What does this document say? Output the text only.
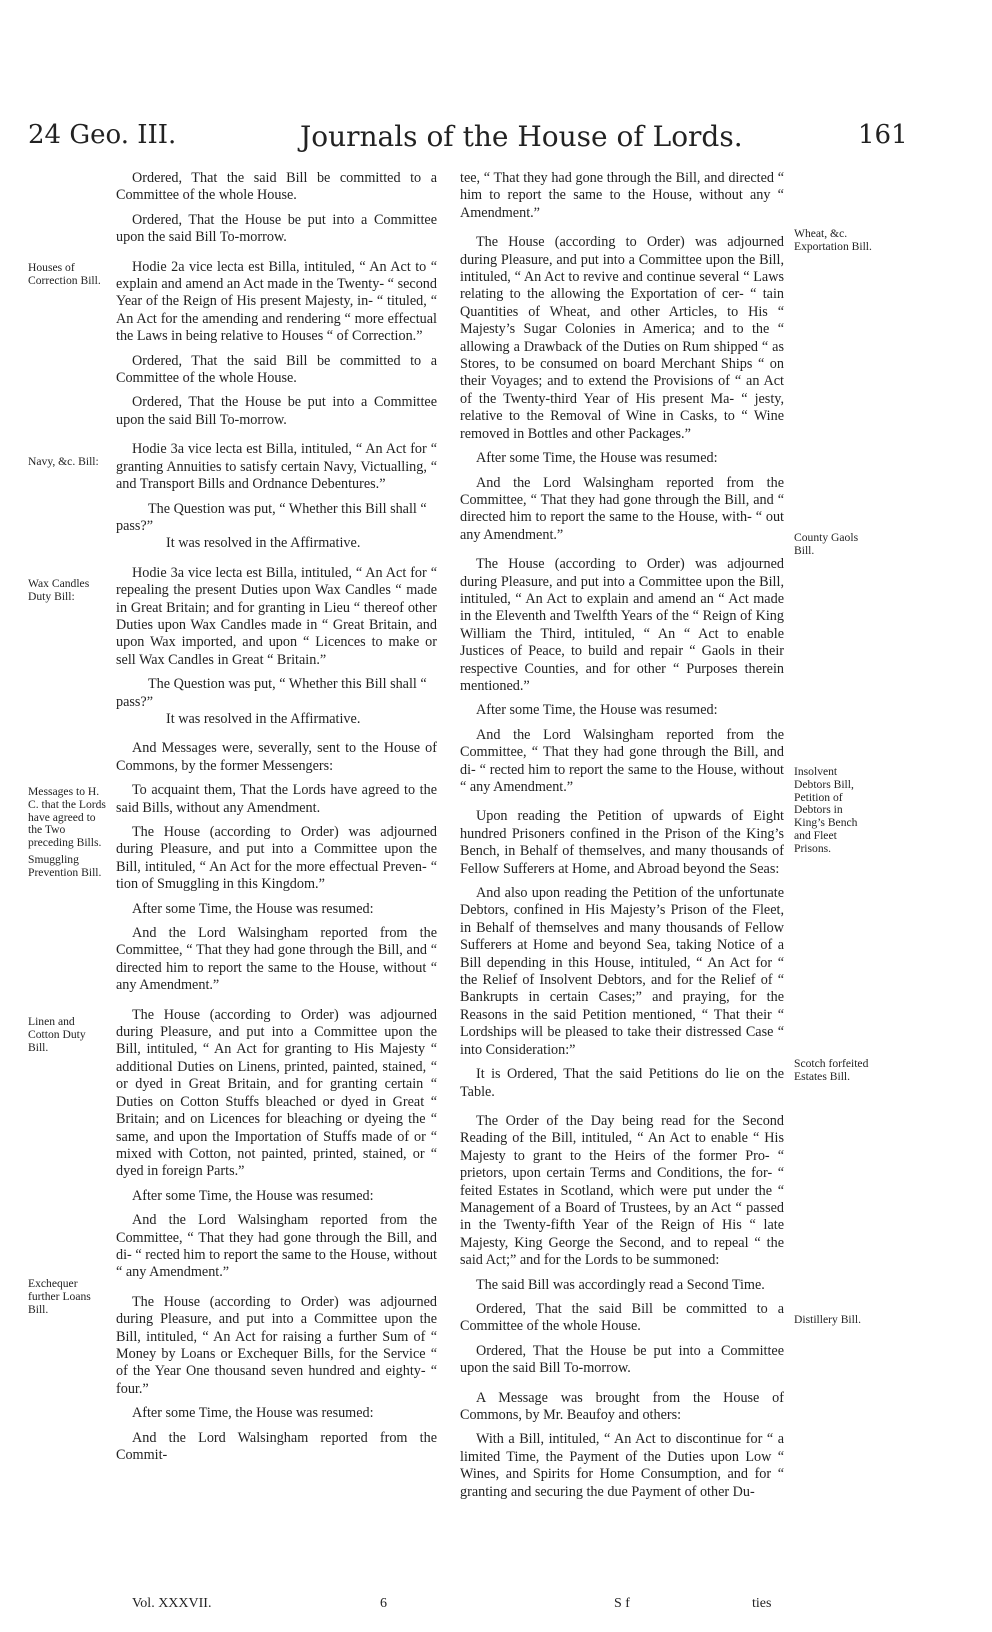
24 Geo. III.	Journals of the House of Lords.	161
Houses of Correction Bill.
Navy, &c. Bill:
Wax Candles Duty Bill:
Messages to H. C. that the Lords have agreed to the Two preceding Bills.
Smuggling Prevention Bill.
Linen and Cotton Duty Bill.
Exchequer further Loans Bill.
Wheat, &c. Exportation Bill.
County Gaols Bill.
Insolvent Debtors Bill, Petition of Debtors in King’s Bench and Fleet Prisons.
Scotch forfeited Estates Bill.
Distillery Bill.

Ordered, That the said Bill be committed to a Committee of the whole House.

Ordered, That the House be put into a Committee upon the said Bill To-morrow.

Hodie 2a vice lecta est Billa, intituled, “ An Act to “ explain and amend an Act made in the Twenty- “ second Year of the Reign of His present Majesty, in- “ tituled, “ An Act for the amending and rendering “ more effectual the Laws in being relative to Houses “ of Correction.”

Ordered, That the said Bill be committed to a Committee of the whole House.

Ordered, That the House be put into a Committee upon the said Bill To-morrow.

Hodie 3a vice lecta est Billa, intituled, “ An Act for “ granting Annuities to satisfy certain Navy, Victualling, “ and Transport Bills and Ordnance Debentures.”

The Question was put, “ Whether this Bill shall “ pass?”

It was resolved in the Affirmative.

Hodie 3a vice lecta est Billa, intituled, “ An Act for “ repealing the present Duties upon Wax Candles “ made in Great Britain; and for granting in Lieu “ thereof other Duties upon Wax Candles made in “ Great Britain, and upon Wax imported, and upon “ Licences to make or sell Wax Candles in Great “ Britain.”

The Question was put, “ Whether this Bill shall “ pass?”

It was resolved in the Affirmative.

And Messages were, severally, sent to the House of Commons, by the former Messengers:

To acquaint them, That the Lords have agreed to the said Bills, without any Amendment.

The House (according to Order) was adjourned during Pleasure, and put into a Committee upon the Bill, intituled, “ An Act for the more effectual Preven- “ tion of Smuggling in this Kingdom.”

After some Time, the House was resumed:

And the Lord Walsingham reported from the Committee, “ That they had gone through the Bill, and “ directed him to report the same to the House, without “ any Amendment.”

The House (according to Order) was adjourned during Pleasure, and put into a Committee upon the Bill, intituled, “ An Act for granting to His Majesty “ additional Duties on Linens, printed, painted, stained, “ or dyed in Great Britain, and for granting certain “ Duties on Cotton Stuffs bleached or dyed in Great “ Britain; and on Licences for bleaching or dyeing the “ same, and upon the Importation of Stuffs made of or “ mixed with Cotton, not painted, printed, stained, or “ dyed in foreign Parts.”

After some Time, the House was resumed:

And the Lord Walsingham reported from the Committee, “ That they had gone through the Bill, and di- “ rected him to report the same to the House, without “ any Amendment.”

The House (according to Order) was adjourned during Pleasure, and put into a Committee upon the Bill, intituled, “ An Act for raising a further Sum of “ Money by Loans or Exchequer Bills, for the Service “ of the Year One thousand seven hundred and eighty- “ four.”

After some Time, the House was resumed:

And the Lord Walsingham reported from the Commit-

tee, “ That they had gone through the Bill, and directed “ him to report the same to the House, without any “ Amendment.”

The House (according to Order) was adjourned during Pleasure, and put into a Committee upon the Bill, intituled, “ An Act to revive and continue several “ Laws relating to the allowing the Exportation of cer- “ tain Quantities of Wheat, and other Articles, to His “ Majesty’s Sugar Colonies in America; and to the “ allowing a Drawback of the Duties on Rum shipped “ as Stores, to be consumed on board Merchant Ships “ on their Voyages; and to extend the Provisions of “ an Act of the Twenty-third Year of His present Ma- “ jesty, relative to the Removal of Wine in Casks, to “ Wine removed in Bottles and other Packages.”

After some Time, the House was resumed:

And the Lord Walsingham reported from the Committee, “ That they had gone through the Bill, and “ directed him to report the same to the House, with- “ out any Amendment.”

The House (according to Order) was adjourned during Pleasure, and put into a Committee upon the Bill, intituled, “ An Act to explain and amend an “ Act made in the Eleventh and Twelfth Years of the “ Reign of King William the Third, intituled, “ An “ Act to enable Justices of Peace, to build and repair “ Gaols in their respective Counties, and for other “ Purposes therein mentioned.”

After some Time, the House was resumed:

And the Lord Walsingham reported from the Committee, “ That they had gone through the Bill, and di- “ rected him to report the same to the House, without “ any Amendment.”

Upon reading the Petition of upwards of Eight hundred Prisoners confined in the Prison of the King’s Bench, in Behalf of themselves, and many thousands of Fellow Sufferers at Home, and Abroad beyond the Seas:

And also upon reading the Petition of the unfortunate Debtors, confined in His Majesty’s Prison of the Fleet, in Behalf of themselves and many thousands of Fellow Sufferers at Home and beyond Sea, taking Notice of a Bill depending in this House, intituled, “ An Act for “ the Relief of Insolvent Debtors, and for the Relief of “ Bankrupts in certain Cases;” and praying, for the Reasons in the said Petition mentioned, “ That their “ Lordships will be pleased to take their distressed Case “ into Consideration:”

It is Ordered, That the said Petitions do lie on the Table.

The Order of the Day being read for the Second Reading of the Bill, intituled, “ An Act to enable “ His Majesty to grant to the Heirs of the former Pro- “ prietors, upon certain Terms and Conditions, the for- “ feited Estates in Scotland, which were put under the “ Management of a Board of Trustees, by an Act “ passed in the Twenty-fifth Year of the Reign of His “ late Majesty, King George the Second, and to repeal “ the said Act;” and for the Lords to be summoned:

The said Bill was accordingly read a Second Time.

Ordered, That the said Bill be committed to a Committee of the whole House.

Ordered, That the House be put into a Committee upon the said Bill To-morrow.

A Message was brought from the House of Commons, by Mr. Beaufoy and others:

With a Bill, intituled, “ An Act to discontinue for “ a limited Time, the Payment of the Duties upon Low “ Wines, and Spirits for Home Consumption, and for “ granting and securing the due Payment of other Du-

Vol. XXXVII.	6	S f	ties
